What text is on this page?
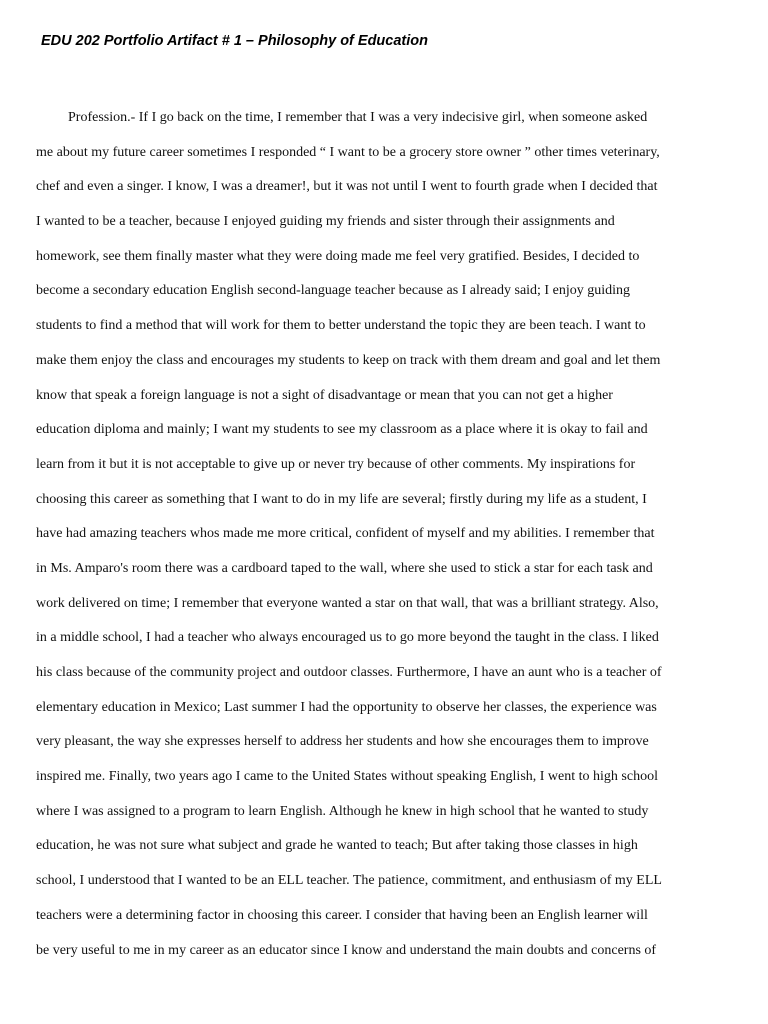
EDU 202 Portfolio Artifact # 1 – Philosophy of Education
Profession.- If I go back on the time, I remember that I was a very indecisive girl, when someone asked
me about my future career sometimes I responded “ I want to be a grocery store owner ” other times veterinary,
chef and even a singer. I know, I was a dreamer!, but it was not until I went to fourth grade when I decided that
I wanted to be a teacher, because I enjoyed guiding my friends and sister through their assignments and
homework, see them finally master what they were doing made me feel very gratified. Besides, I decided to
become a secondary education English second-language teacher because as I already said; I enjoy guiding
students to find a method that will work for them to better understand the topic they are been teach. I want to
make them enjoy the class and encourages my students to keep on track with them dream and goal and let them
know that speak a foreign language is not a sight of disadvantage or mean that you can not get a higher
education diploma and mainly; I want my students to see my classroom as a place where it is okay to fail and
learn from it but it is not acceptable to give up or never try because of other comments. My inspirations for
choosing this career as something that I want to do in my life are several; firstly during my life as a student, I
have had amazing teachers whos made me more critical, confident of myself and my abilities. I remember that
in Ms. Amparo's room there was a cardboard taped to the wall, where she used to stick a star for each task and
work delivered on time; I remember that everyone wanted a star on that wall, that was a brilliant strategy. Also,
in a middle school, I had a teacher who always encouraged us to go more beyond the taught in the class. I liked
his class because of the community project and outdoor classes. Furthermore, I have an aunt who is a teacher of
elementary education in Mexico; Last summer I had the opportunity to observe her classes, the experience was
very pleasant, the way she expresses herself to address her students and how she encourages them to improve
inspired me. Finally, two years ago I came to the United States without speaking English, I went to high school
where I was assigned to a program to learn English. Although he knew in high school that he wanted to study
education, he was not sure what subject and grade he wanted to teach; But after taking those classes in high
school, I understood that I wanted to be an ELL teacher. The patience, commitment, and enthusiasm of my ELL
teachers were a determining factor in choosing this career. I consider that having been an English learner will
be very useful to me in my career as an educator since I know and understand the main doubts and concerns of
